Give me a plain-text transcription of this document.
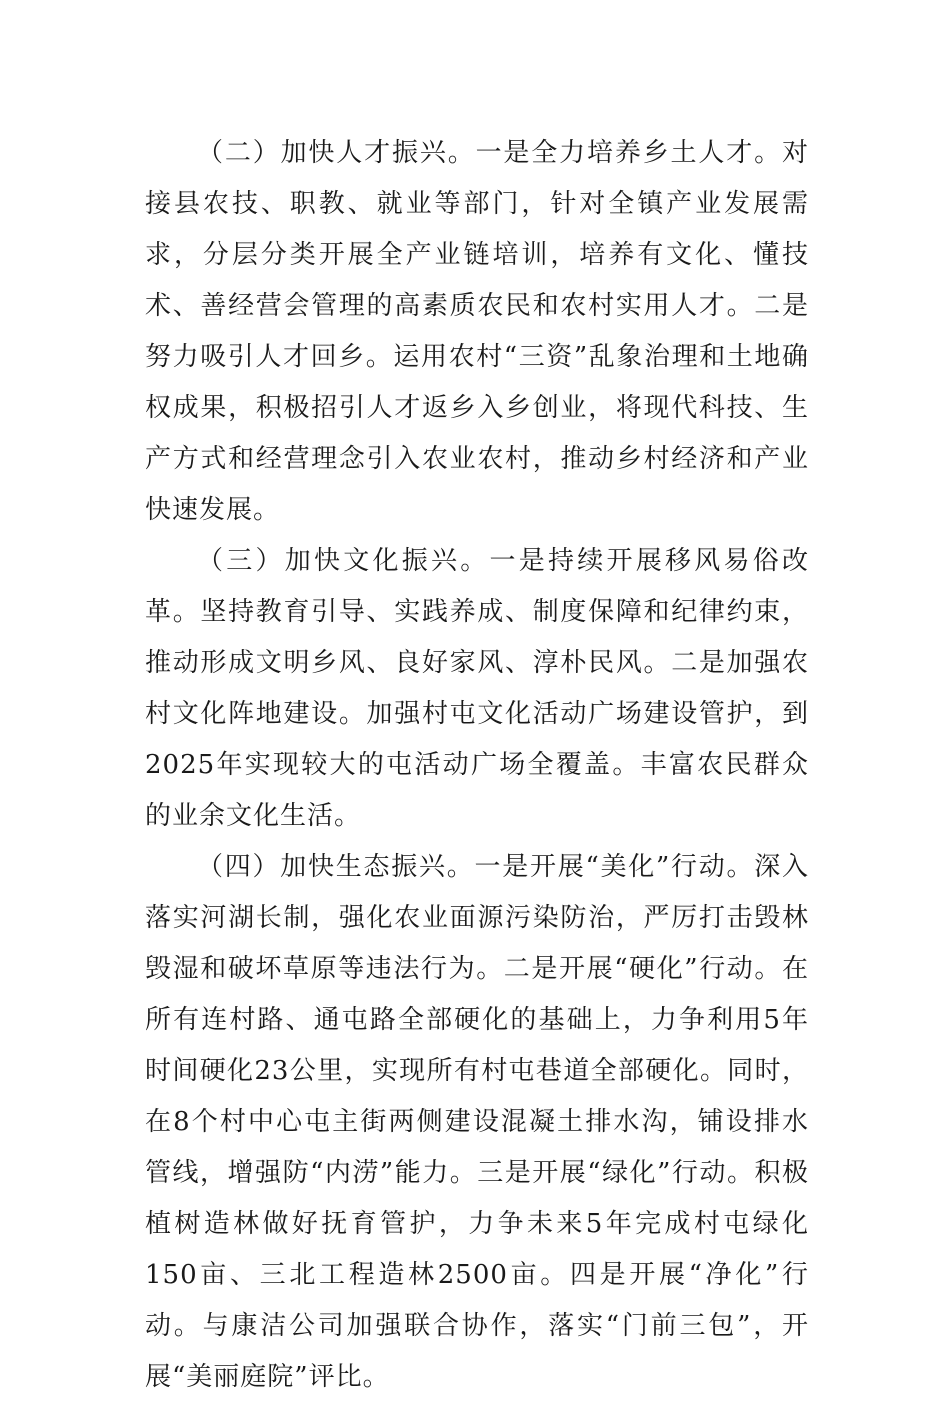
（二）加快人才振兴。一是全力培养乡土人才。对接县农技、职教、就业等部门，针对全镇产业发展需求，分层分类开展全产业链培训，培养有文化、懂技术、善经营会管理的高素质农民和农村实用人才。二是努力吸引人才回乡。运用农村“三资”乱象治理和土地确权成果，积极招引人才返乡入乡创业，将现代科技、生产方式和经营理念引入农业农村，推动乡村经济和产业快速发展。

（三）加快文化振兴。一是持续开展移风易俗改革。坚持教育引导、实践养成、制度保障和纪律约束，推动形成文明乡风、良好家风、淳朴民风。二是加强农村文化阵地建设。加强村屯文化活动广场建设管护，到2025年实现较大的屯活动广场全覆盖。丰富农民群众的业余文化生活。

（四）加快生态振兴。一是开展“美化”行动。深入落实河湖长制，强化农业面源污染防治，严厉打击毁林毁湿和破坏草原等违法行为。二是开展“硬化”行动。在所有连村路、通屯路全部硬化的基础上，力争利用5年时间硬化23公里，实现所有村屯巷道全部硬化。同时，在8个村中心屯主街两侧建设混凝土排水沟，铺设排水管线，增强防“内涝”能力。三是开展“绿化”行动。积极植树造林做好抚育管护，力争未来5年完成村屯绿化150亩、三北工程造林2500亩。四是开展“净化”行动。与康洁公司加强联合协作，落实“门前三包”，开展“美丽庭院”评比。
